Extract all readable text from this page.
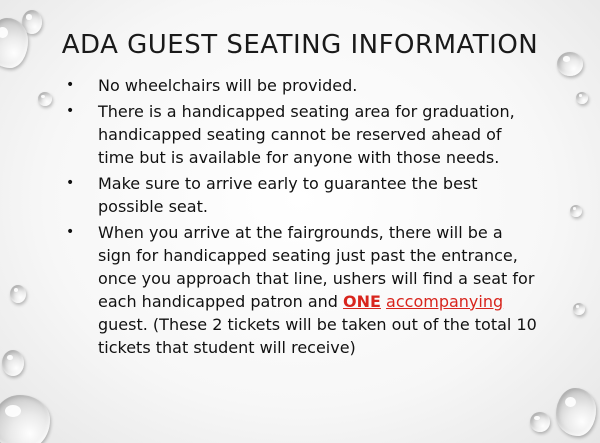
ADA GUEST SEATING INFORMATION
• No wheelchairs will be provided.
• There is a handicapped seating area for graduation, handicapped seating cannot be reserved ahead of time but is available for anyone with those needs.
• Make sure to arrive early to guarantee the best possible seat.
• When you arrive at the fairgrounds, there will be a sign for handicapped seating just past the entrance, once you approach that line, ushers will find a seat for each handicapped patron and ONE accompanying guest. (These 2 tickets will be taken out of the total 10 tickets that student will receive)
